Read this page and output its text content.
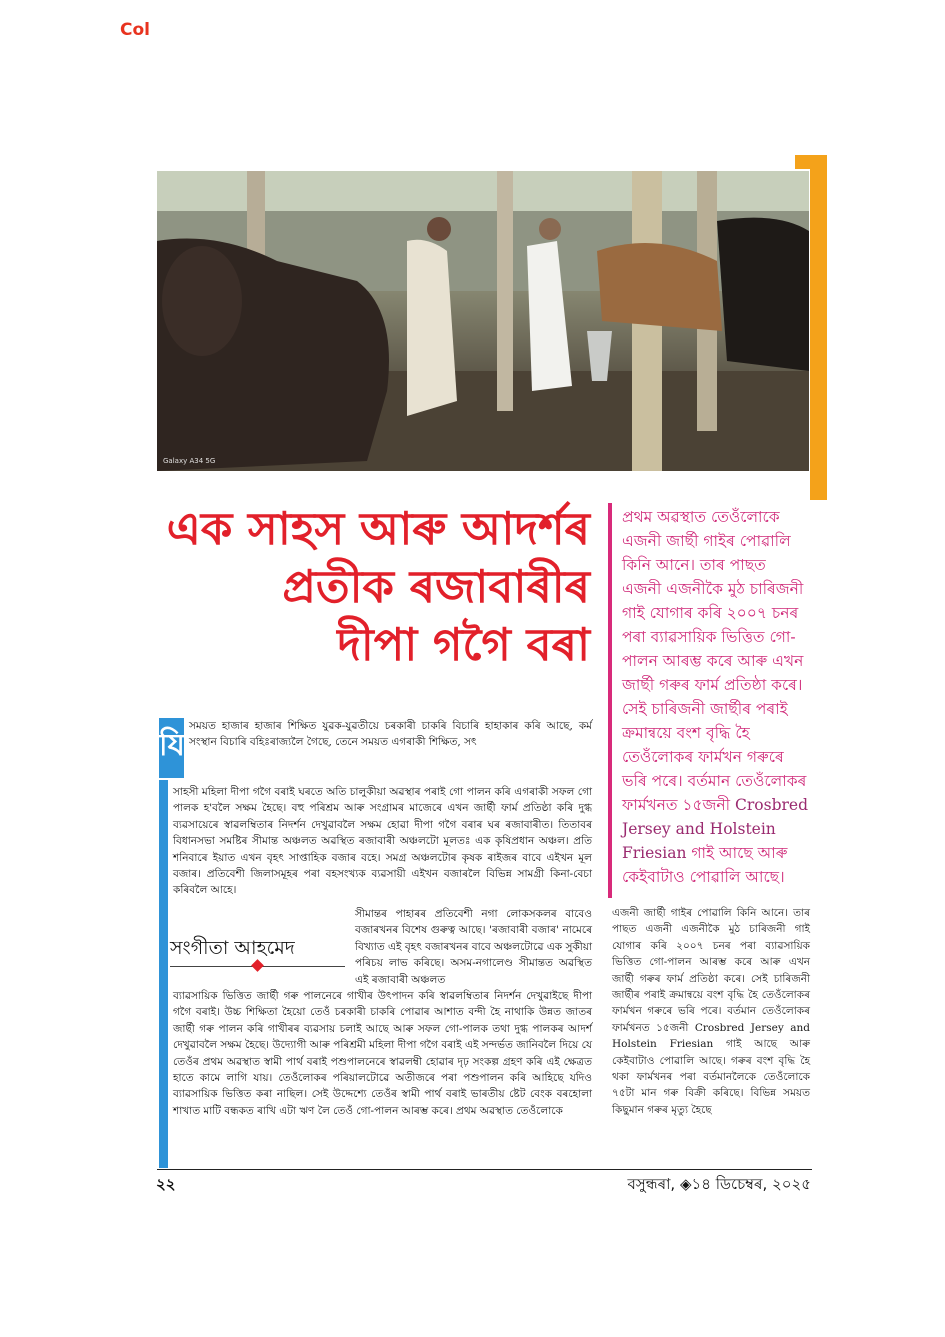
Col
Galaxy A34 5G
এক সাহস আৰু আদৰ্শৰ
প্ৰতীক ৰজাবাৰীৰ
দীপা গগৈ বৰা

প্ৰথম অৱস্থাত তেওঁলোকে এজনী জাৰ্ছী গাইৰ পোৱালি কিনি আনে। তাৰ পাছত এজনী এজনীকৈ মুঠ চাৰিজনী গাই যোগাৰ কৰি ২০০৭ চনৰ পৰা ব্যাৱসায়িক ভিত্তিত গো-পালন আৰম্ভ কৰে আৰু এখন জাৰ্ছী গৰুৰ ফাৰ্ম প্ৰতিষ্ঠা কৰে। সেই চাৰিজনী জাৰ্ছীৰ পৰাই ক্ৰমান্বয়ে বংশ বৃদ্ধি হৈ তেওঁলোকৰ ফাৰ্মখন গৰুৰে ভৰি পৰে। বৰ্তমান তেওঁলোকৰ ফাৰ্মখনত ১৫জনী Crosbred Jersey and Holstein Friesian গাই আছে আৰু কেইবাটাও পোৱালি আছে।

যি
সময়ত হাজাৰ হাজাৰ শিক্ষিত যুৱক-যুৱতীয়ে চৰকাৰী চাকৰি বিচাৰি হাহাকাৰ কৰি আছে, কৰ্ম সংস্থান বিচাৰি বহিঃৰাজ্যলৈ গৈছে, তেনে সময়ত এগৰাকী শিক্ষিত, সৎ
সাহসী মহিলা দীপা গগৈ বৰাই ঘৰতে অতি চালুকীয়া অৱস্থাৰ পৰাই গো পালন কৰি এগৰাকী সফল গো পালক হ'বলৈ সক্ষম হৈছে। বহু পৰিশ্ৰম আৰু সংগ্ৰামৰ মাজেৰে এখন জাৰ্ছী ফাৰ্ম প্ৰতিষ্ঠা কৰি দুগ্ধ ব্যৱসায়েৰে স্বাৱলম্বিতাৰ নিদৰ্শন দেখুৱাবলৈ সক্ষম হোৱা দীপা গগৈ বৰাৰ ঘৰ ৰজাবাৰীত। তিতাবৰ বিধানসভা সমষ্টিৰ সীমান্ত অঞ্চলত অৱস্থিত ৰজাবাৰী অঞ্চলটো মূলতঃ এক কৃষিপ্ৰধান অঞ্চল। প্ৰতি শনিবাৰে ইয়াত এখন বৃহৎ সাপ্তাহিক বজাৰ বহে। সমগ্ৰ অঞ্চলটোৰ কৃষক ৰাইজৰ বাবে এইখন মূল বজাৰ। প্ৰতিবেশী জিলাসমূহৰ পৰা বহসংখ্যক ব্যৱসায়ী এইখন বজাৰলৈ বিভিন্ন সামগ্ৰী কিনা-বেচা কৰিবলৈ আহে।
সংগীতা আহমেদ
সীমান্তৰ পাহাৰৰ প্ৰতিবেশী নগা লোকসকলৰ বাবেও বজাৰখনৰ বিশেষ গুৰুত্ব আছে। 'ৰজাবাৰী বজাৰ' নামেৰে বিখ্যাত এই বৃহৎ বজাৰখনৰ বাবে অঞ্চলটোৱে এক সুকীয়া পৰিচয় লাভ কৰিছে। অসম-নগালেণ্ড সীমান্তত অৱস্থিত এই ৰজাবাৰী অঞ্চলত
ব্যাৱসায়িক ভিত্তিত জাৰ্ছী গৰু পালনেৰে গাখীৰ উৎপাদন কৰি স্বাৱলম্বিতাৰ নিদৰ্শন দেখুৱাইছে দীপা গগৈ বৰাই। উচ্চ শিক্ষিতা হৈয়ো তেওঁ চৰকাৰী চাকৰি পোৱাৰ আশাত বন্দী হৈ নাথাকি উন্নত জাতৰ জাৰ্ছী গৰু পালন কৰি গাখীৰৰ ব্যৱসায় চলাই আছে আৰু সফল গো-পালক তথা দুগ্ধ পালকৰ আদৰ্শ দেখুৱাবলৈ সক্ষম হৈছে। উদ্যোগী আৰু পৰিশ্ৰমী মহিলা দীপা গগৈ বৰাই এই সন্দৰ্ভত জানিবলৈ দিয়ে যে তেওঁৰ প্ৰথম অৱস্থাত স্বামী পাৰ্থ বৰাই পশুপালনেৰে স্বাৱলম্বী হোৱাৰ দৃঢ় সংকল্প গ্ৰহণ কৰি এই ক্ষেত্ৰত হাতে কামে লাগি যায়। তেওঁলোকৰ পৰিয়ালটোৱে অতীজৰে পৰা পশুপালন কৰি আহিছে যদিও ব্যাৱসায়িক ভিত্তিত কৰা নাছিল। সেই উদ্দেশ্যে তেওঁৰ স্বামী পাৰ্থ বৰাই ভাৰতীয় ষ্টেট বেংক বৰহোলা শাখাত মাটি বন্ধকত ৰাখি এটা ঋণ লৈ তেওঁ গো-পালন আৰম্ভ কৰে। প্ৰথম অৱস্থাত তেওঁলোকে
এজনী জাৰ্ছী গাইৰ পোৱালি কিনি আনে। তাৰ পাছত এজনী এজনীকৈ মুঠ চাৰিজনী গাই যোগাৰ কৰি ২০০৭ চনৰ পৰা ব্যাৱসায়িক ভিত্তিত গো-পালন আৰম্ভ কৰে আৰু এখন জাৰ্ছী গৰুৰ ফাৰ্ম প্ৰতিষ্ঠা কৰে। সেই চাৰিজনী জাৰ্ছীৰ পৰাই ক্ৰমান্বয়ে বংশ বৃদ্ধি হৈ তেওঁলোকৰ ফাৰ্মখন গৰুৰে ভৰি পৰে। বৰ্তমান তেওঁলোকৰ ফাৰ্মখনত ১৫জনী Crosbred Jersey and Holstein Friesian গাই আছে আৰু কেইবাটাও পোৱালি আছে। গৰুৰ বংশ বৃদ্ধি হৈ থকা ফাৰ্মখনৰ পৰা বৰ্তমানলৈকে তেওঁলোকে ৭৫টা মান গৰু বিক্ৰী কৰিছে। বিভিন্ন সময়ত কিছুমান গৰুৰ মৃত্যু হৈছে
২২	বসুন্ধৰা, ◈১৪ ডিচেম্বৰ, ২০২৫
